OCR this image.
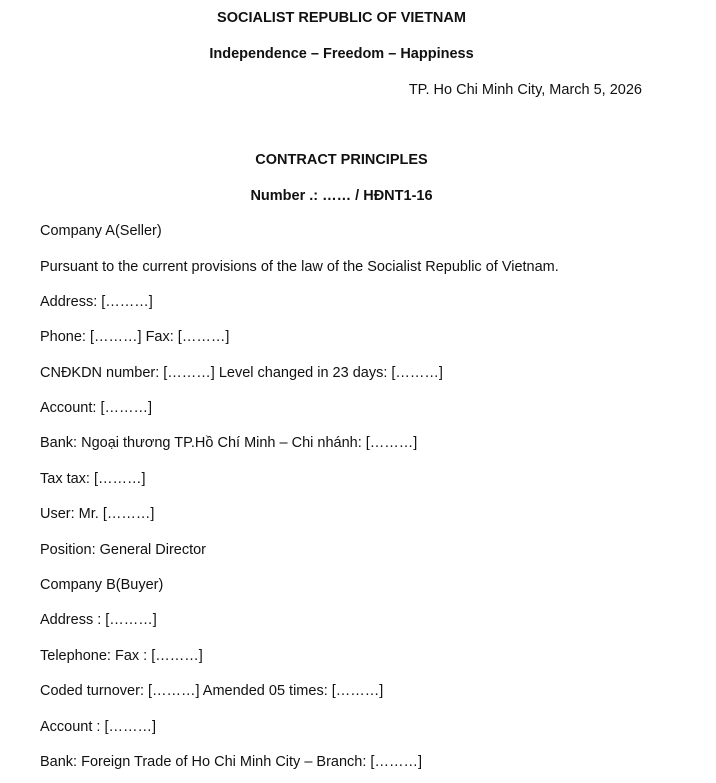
SOCIALIST REPUBLIC OF VIETNAM
Independence – Freedom – Happiness
TP. Ho Chi Minh City, March 5, 2026
CONTRACT PRINCIPLES
Number .: …… / HĐNT1-16
Company A(Seller)
Pursuant to the current provisions of the law of the Socialist Republic of Vietnam.
Address: [………]
Phone: [………] Fax: [………]
CNĐKDN number: [………] Level changed in 23 days: [………]
Account: [………]
Bank: Ngoại thương TP.Hồ Chí Minh – Chi nhánh: [………]
Tax tax: [………]
User: Mr. [………]
Position: General Director
Company B(Buyer)
Address : [………]
Telephone: Fax : [………]
Coded turnover: [………] Amended 05 times: [………]
Account : [………]
Bank: Foreign Trade of Ho Chi Minh City – Branch: [………]
